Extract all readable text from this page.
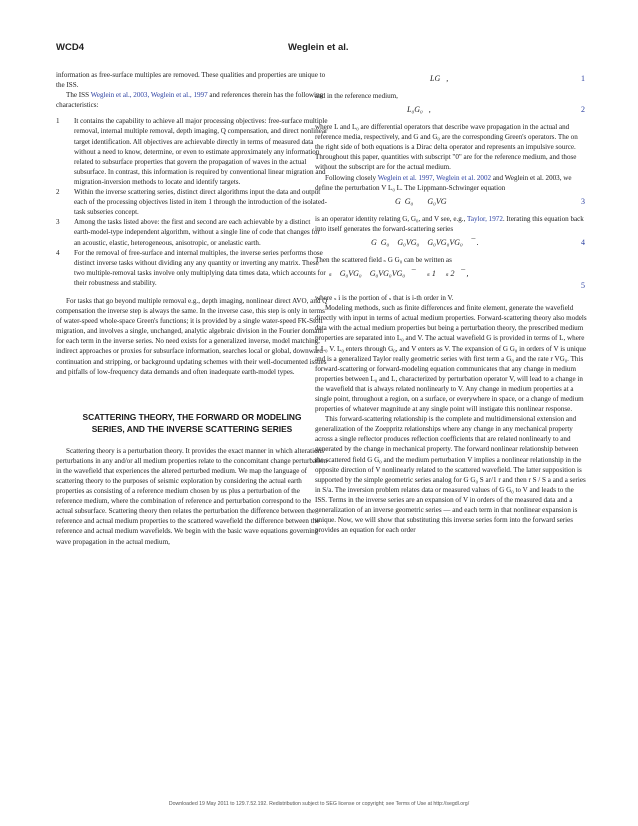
WCD4	Weglein et al.

information as free-surface multiples are removed. These qualities and properties are unique to the ISS.

The ISS Weglein et al., 2003, Weglein et al., 1997 and references therein has the following characteristics:

1	It contains the capability to achieve all major processing objectives: free-surface multiple removal, internal multiple removal, depth imaging, Q compensation, and direct nonlinear target identification. All objectives are achievable directly in terms of measured data without a need to know, determine, or even to estimate approximately any information related to subsurface properties that govern the propagation of waves in the actual subsurface. In contrast, this information is required by conventional linear migration and migration-inversion methods to locate and identify targets.
2	Within the inverse scattering series, distinct direct algorithms input the data and output each of the processing objectives listed in item 1 through the introduction of the isolated-task subseries concept.
3	Among the tasks listed above: the first and second are each achievable by a distinct earth-model-type independent algorithm, without a single line of code that changes for an acoustic, elastic, heterogeneous, anisotropic, or anelastic earth.
4	For the removal of free-surface and internal multiples, the inverse series performs those distinct inverse tasks without dividing any any quantity or inverting any matrix. These two multiple-removal tasks involve only multiplying data times data, which accounts for their robustness and stability.

For tasks that go beyond multiple removal e.g., depth imaging, nonlinear direct AVO, and Q compensation the inverse step is always the same. In the inverse case, this step is only in terms of water-speed whole-space Green's functions; it is provided by a single water-speed FK-Stolt migration, and involves a single, unchanged, analytic algebraic division in the Fourier domain for each term in the inverse series. No need exists for a generalized inverse, model matching, indirect approaches or proxies for subsurface information, searches local or global, downward continuation and stripping, or background updating schemes with their well-documented issues and pitfalls of low-frequency data demands and often inadequate earth-model types.

SCATTERING THEORY, THE FORWARD OR MODELING SERIES, AND THE INVERSE SCATTERING SERIES

Scattering theory is a perturbation theory. It provides the exact manner in which alterations perturbations in any and/or all medium properties relate to the concomitant change perturbation in the wavefield that experiences the altered perturbed medium. We map the language of scattering theory to the purposes of seismic exploration by considering the actual earth properties as consisting of a reference medium chosen by us plus a perturbation of the reference medium, where the combination of reference and perturbation correspond to the actual subsurface. Scattering theory then relates the perturbation the difference between the reference and actual medium properties to the scattered wavefield the difference between the reference and actual medium wavefields. We begin with the basic wave equations governing wave propagation in the actual medium,

LG   ,	1

and in the reference medium,

L₀G₀   ,	2

where L and L₀ are differential operators that describe wave propagation in the actual and reference media, respectively, and G and G₀ are the corresponding Green's operators. The on the right side of both equations is a Dirac delta operator and represents an impulsive source. Throughout this paper, quantities with subscript "0" are for the reference medium, and those without the subscript are for the actual medium.

Following closely Weglein et al. 1997, Weglein et al. 2002 and Weglein et al. 2003, we define the perturbation V L₀ L. The Lippmann-Schwinger equation

G  G₀       G₀VG	3

is an operator identity relating G, G₀, and V see, e.g., Taylor, 1972. Iterating this equation back into itself generates the forward-scattering series

G  G₀    G₀VG₀    G₀VG₀VG₀    ¯ .	4

Then the scattered field ₛ G G₀ can be written as

ₛ    G₀VG₀    G₀VG₀VG₀   ¯      ₛ 1     ₛ 2   ¯ ,
5

where ₛ i is the portion of ₛ that is i-th order in V.

Modeling methods, such as finite differences and finite element, generate the wavefield directly with input in terms of actual medium properties. Forward-scattering theory also models data with the actual medium properties but being a perturbation theory, the prescribed medium properties are separated into L₀ and V. The actual wavefield G is provided in terms of L, where L L₀ V. L₀ enters through G₀, and V enters as V. The expansion of G G₀ in orders of V is unique and is a generalized Taylor really geometric series with first term a G₀ and the rate r VG₀. This forward-scattering or forward-modeling equation communicates that any change in medium properties between L₀ and L, characterized by perturbation operator V, will lead to a change in the wavefield that is always related nonlinearly to V. Any change in medium properties at a single point, throughout a region, on a surface, or everywhere in space, or a change of medium properties of whatever magnitude at any single point will instigate this nonlinear response.

This forward-scattering relationship is the complete and multidimensional extension and generalization of the Zoeppritz relationships where any change in any mechanical property across a single reflector produces reflection coefficients that are related nonlinearly to and generated by the change in mechanical property. The forward nonlinear relationship between the scattered field G G₀ and the medium perturbation V implies a nonlinear relationship in the opposite direction of V nonlinearly related to the scattered wavefield. The latter supposition is supported by the simple geometric series analog for G G₀ S ar/1 r and then r S / S a and a series in S/a. The inversion problem relates data or measured values of G G₀ to V and leads to the ISS. Terms in the inverse series are an expansion of V in orders of the measured data and a generalization of an inverse geometric series — and each term in that nonlinear expansion is unique. Now, we will show that substituting this inverse series form into the forward series provides an equation for each order

Downloaded 19 May 2011 to 129.7.52.192. Redistribution subject to SEG license or copyright; see Terms of Use at http://segdl.org/
